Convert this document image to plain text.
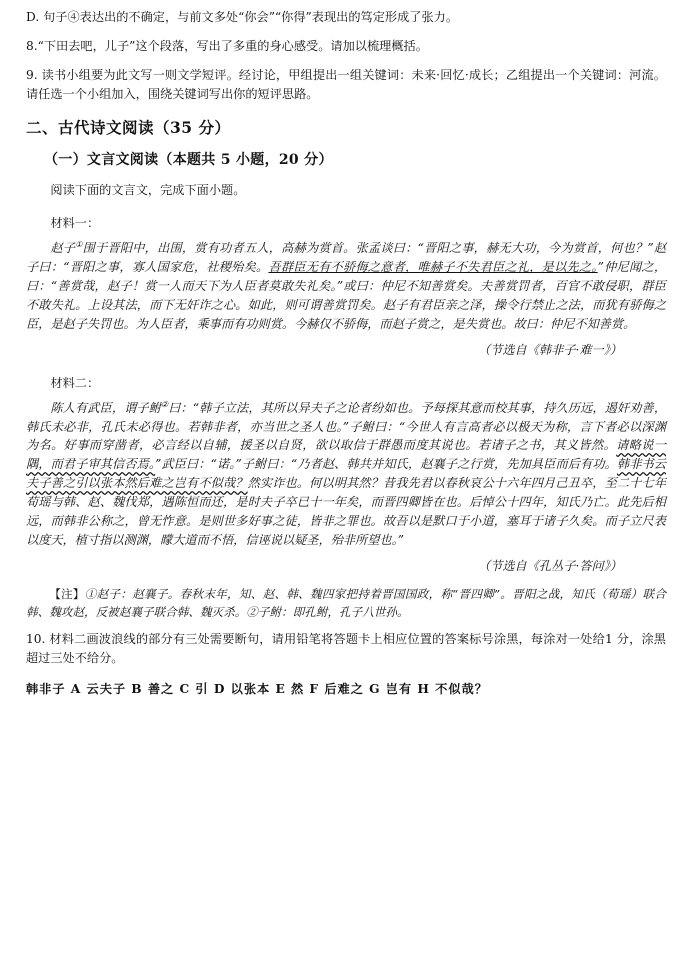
D. 句子④表达出的不确定，与前文多处“你会”“你得”表现出的笃定形成了张力。
8.“下田去吧，儿子”这个段落，写出了多重的身心感受。请加以梳理概括。
9. 读书小组要为此文写一则文学短评。经讨论，甲组提出一组关键词：未来·回忆·成长；乙组提出一个关键词：河流。请任选一个小组加入，围绕关键词写出你的短评思路。
二、古代诗文阅读（35 分）
（一）文言文阅读（本题共 5 小题，20 分）
阅读下面的文言文，完成下面小题。
材料一：
赵子①围于晋阳中，出围，赏有功者五人，高赫为赏首。张孟谈曰：“晋阳之事，赫无大功，今为赏首，何也？”赵子曰：“晋阳之事，寡人国家危，社稷殆矣。吾群臣无有不骄侮之意者，唯赫子不失君臣之礼，是以先之。”仲尼闻之，曰：“善赏哉，赵子！赏一人而天下为人臣者莫敢失礼矣。”或曰：仲尼不知善赏矣。夫善赏罚者，百官不敢侵职，群臣不敢失礼。上设其法，而下无奸诈之心。如此，则可谓善赏罚矣。赵子有君臣亲之泽，操令行禁止之法，而犹有骄侮之臣，是赵子失罚也。为人臣者，乘事而有功则赏。今赫仅不骄侮，而赵子赏之，是失赏也。故曰：仲尼不知善赏。
（节选自《韩非子·难一》）
材料二：
陈人有武臣，谓子鲋②曰：“韩子立法，其所以异夫子之论者纷如也。予每探其意而校其事，持久历远，遏奸劝善，韩氏未必非，孔氏未必得也。若韩非者，亦当世之圣人也。”子鲋曰：“今世人有言高者必以极天为称，言下者必以深渊为名。好事而穿凿者，必言经以自辅，援圣以自贤，欲以取信于群愚而度其说也。若诸子之书，其义皆然。请略说一隅，而君子审其信否焉。”武臣曰：“诺。”子鲋曰：“乃者赵、韩共并知氏，赵襄子之行赏，先加具臣而后有功。韩非书云夫子善之引以张本然后难之岂有不似哉？然实诈也。何以明其然？昔我先君以春秋哀公十六年四月己丑卒，至二十七年荀瑶与韩、赵、魏伐郑，遇陈恒而还，是时夫子卒已十一年矣，而晋四卿皆在也。后悼公十四年，知氏乃亡。此先后相远，而韩非公称之，曾无怍意。是则世多好事之徒，皆非之罪也。故吾以是默口于小道，塞耳于诸子久矣。而子立尺表以度天，植寸指以测渊，矇大道而不悟，信诬说以疑圣，殆非所望也。”
（节选自《孔丛子·答问》）
【注】①赵子：赵襄子。春秋末年，知、赵、韩、魏四家把持着晋国国政，称“晋四卿”。晋阳之战，知氏（荀瑶）联合韩、魏攻赵，反被赵襄子联合韩、魏灭杀。②子鲋：即孔鲋，孔子八世孙。
10. 材料二画波浪线的部分有三处需要断句，请用铅笔将答题卡上相应位置的答案标号涂黑，每涂对一处给1 分，涂黑超过三处不给分。
韩非子 A 云夫子 B 善之 C 引 D 以张本 E 然 F 后难之 G 岂有 H 不似哉？
